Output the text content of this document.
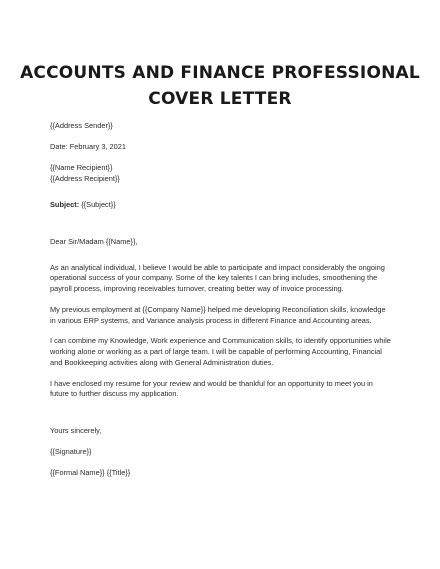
ACCOUNTS AND FINANCE PROFESSIONAL
COVER LETTER
{{Address Sender}}
Date: February 3, 2021
{{Name Recipient}}
{{Address Recipient}}
Subject: {{Subject}}
Dear Sir/Madam {{Name}},
As an analytical individual, I believe I would be able to participate and impact considerably the ongoing
operational success of your company. Some of the key talents I can bring includes, smoothening the
payroll process, improving receivables turnover, creating better way of invoice processing.
My previous employment at {{Company Name}} helped me developing Reconciliation skills, knowledge
in various ERP systems, and Variance analysis process in different Finance and Accounting areas.
I can combine my Knowledge, Work experience and Communication skills, to identify opportunities while
working alone or working as a part of large team. I will be capable of performing Accounting, Financial
and Bookkeeping activities along with General Administration duties.
I have enclosed my resume for your review and would be thankful for an opportunity to meet you in
future to further discuss my application.
Yours sincerely,
{{Signature}}
{{Formal Name}} {{Title}}
